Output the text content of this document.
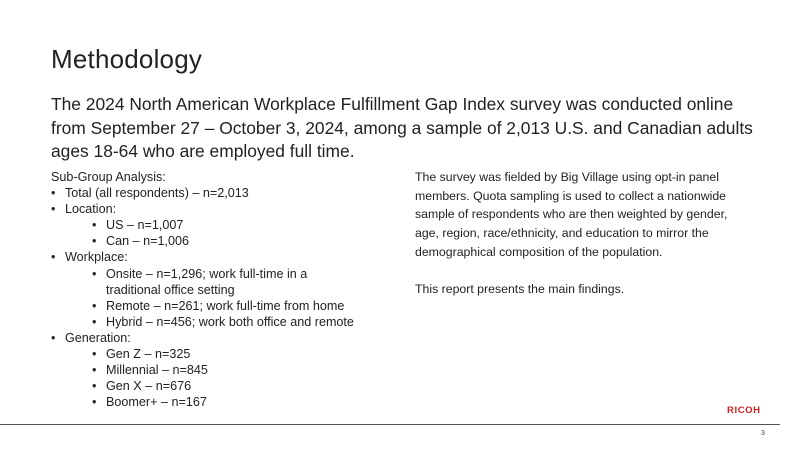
Methodology
The 2024 North American Workplace Fulfillment Gap Index survey was conducted online from September 27 – October 3, 2024, among a sample of 2,013 U.S. and Canadian adults ages 18-64 who are employed full time.
Sub-Group Analysis:
• Total (all respondents) – n=2,013
• Location:
• US – n=1,007
• Can – n=1,006
• Workplace:
• Onsite – n=1,296; work full-time in a traditional office setting
• Remote – n=261; work full-time from home
• Hybrid – n=456; work both office and remote
• Generation:
• Gen Z – n=325
• Millennial – n=845
• Gen X – n=676
• Boomer+ – n=167

The survey was fielded by Big Village using opt-in panel members. Quota sampling is used to collect a nationwide sample of respondents who are then weighted by gender, age, region, race/ethnicity, and education to mirror the demographical composition of the population.

This report presents the main findings.

RICOH
3
